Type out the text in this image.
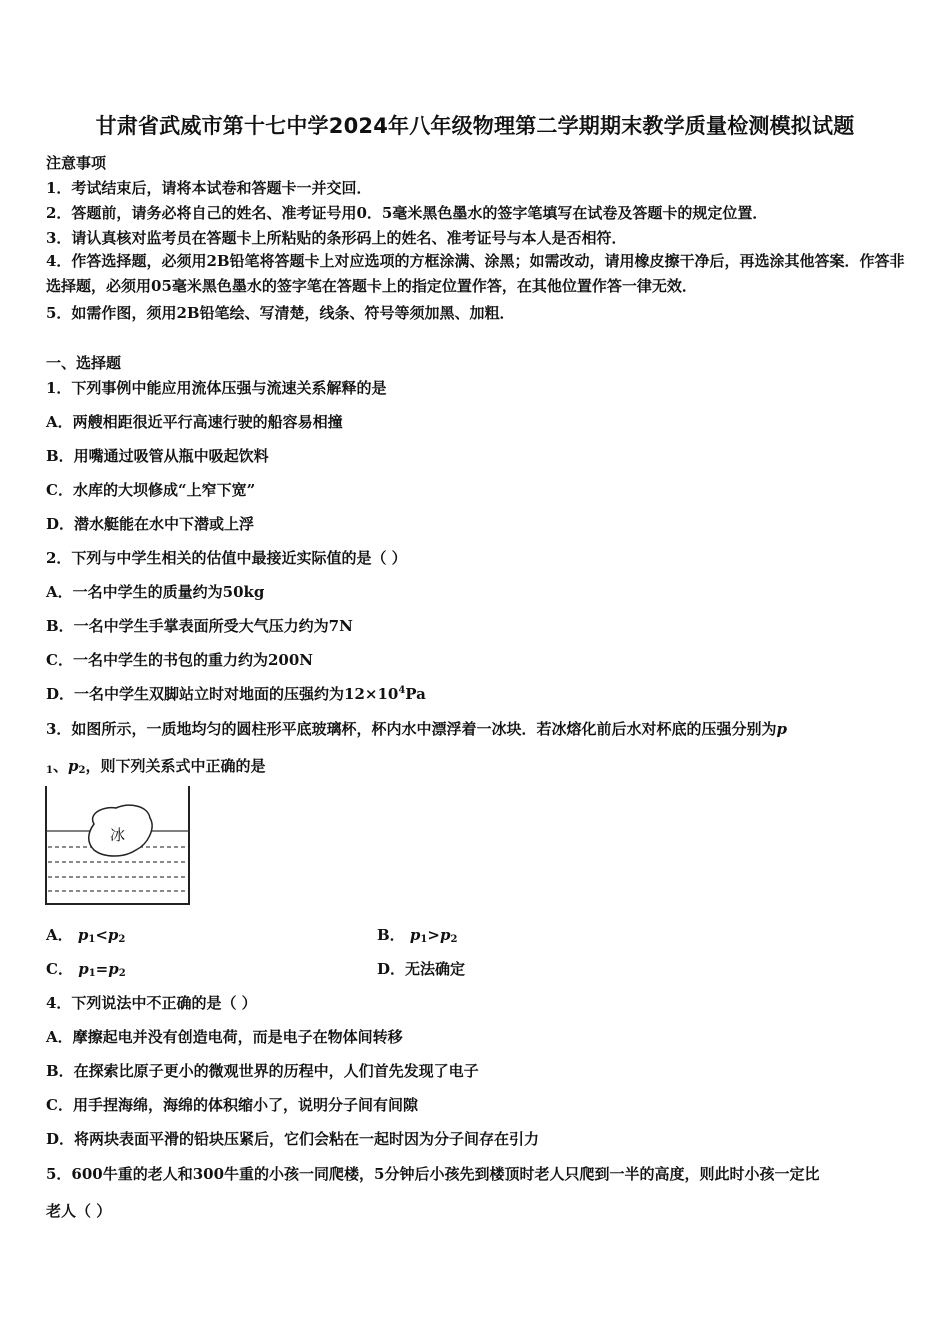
甘肃省武威市第十七中学2024年八年级物理第二学期期末教学质量检测模拟试题
注意事项
1．考试结束后，请将本试卷和答题卡一并交回．
2．答题前，请务必将自己的姓名、准考证号用0．5毫米黑色墨水的签字笔填写在试卷及答题卡的规定位置．
3．请认真核对监考员在答题卡上所粘贴的条形码上的姓名、准考证号与本人是否相符．
4．作答选择题，必须用2B铅笔将答题卡上对应选项的方框涂满、涂黑；如需改动，请用橡皮擦干净后，再选涂其他答案．作答非选择题，必须用05毫米黑色墨水的签字笔在答题卡上的指定位置作答，在其他位置作答一律无效．
5．如需作图，须用2B铅笔绘、写清楚，线条、符号等须加黑、加粗．
一、选择题
1．下列事例中能应用流体压强与流速关系解释的是
A．两艘相距很近平行高速行驶的船容易相撞
B．用嘴通过吸管从瓶中吸起饮料
C．水库的大坝修成“上窄下宽”
D．潜水艇能在水中下潜或上浮
2．下列与中学生相关的估值中最接近实际值的是（ ）
A．一名中学生的质量约为50kg
B．一名中学生手掌表面所受大气压力约为7N
C．一名中学生的书包的重力约为200N
D．一名中学生双脚站立时对地面的压强约为$12\times 10^4Pa$
3．如图所示，一质地均匀的圆柱形平底玻璃杯，杯内水中漂浮着一冰块．若冰熔化前后水对杯底的压强分别为p
$_1$、$p_2$，则下列关系式中正确的是
冰
A． $p_1<p_2$	B． $p_1>p_2$
C． $p_1=p_2$	D．无法确定
4．下列说法中不正确的是（ ）
A．摩擦起电并没有创造电荷，而是电子在物体间转移
B．在探索比原子更小的微观世界的历程中，人们首先发现了电子
C．用手捏海绵，海绵的体积缩小了，说明分子间有间隙
D．将两块表面平滑的铅块压紧后，它们会粘在一起时因为分子间存在引力
5．600牛重的老人和300牛重的小孩一同爬楼，5分钟后小孩先到楼顶时老人只爬到一半的高度，则此时小孩一定比
老人（ ）
